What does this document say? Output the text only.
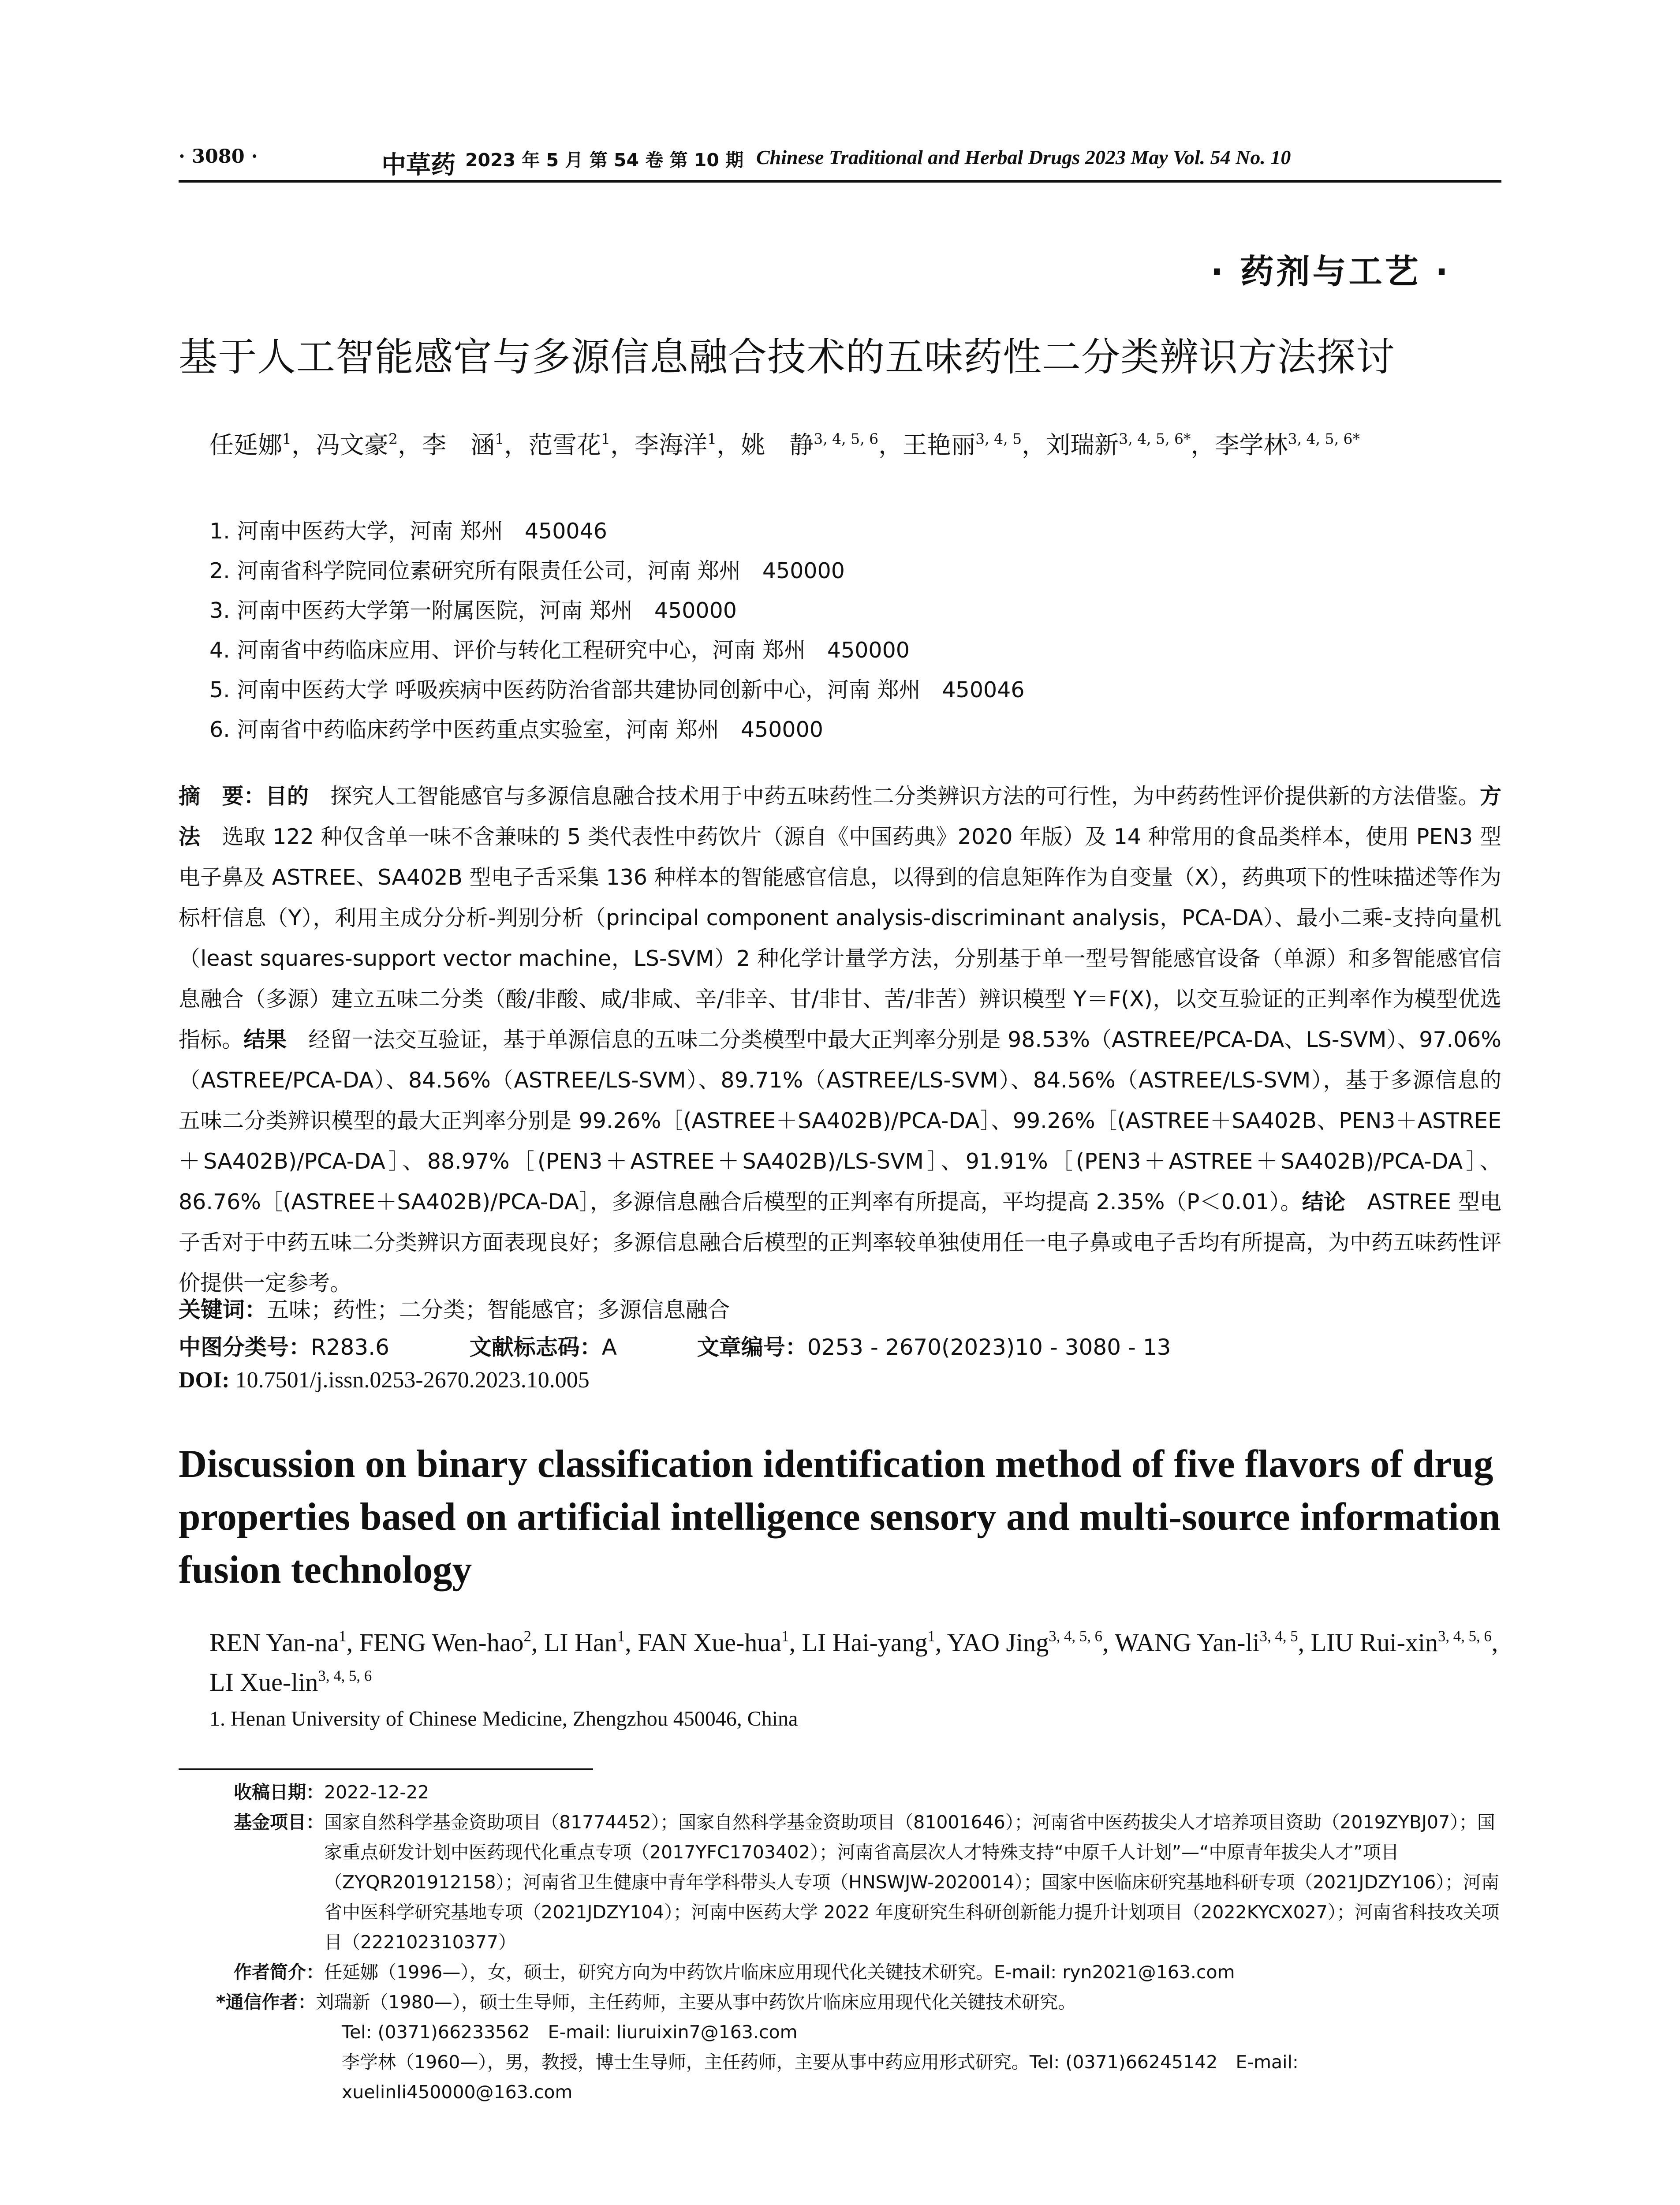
· 3080 ·	中草药 2023 年 5 月 第 54 卷 第 10 期 Chinese Traditional and Herbal Drugs 2023 May Vol. 54 No. 10
· 药剂与工艺 ·
基于人工智能感官与多源信息融合技术的五味药性二分类辨识方法探讨
任延娜$^1$，冯文豪$^2$，李　涵$^1$，范雪花$^1$，李海洋$^1$，姚　静$^{3, 4, 5, 6}$，王艳丽$^{3, 4, 5}$，刘瑞新$^{3, 4, 5, 6*}$，李学林$^{3, 4, 5, 6*}$
1. 河南中医药大学，河南 郑州　450046
2. 河南省科学院同位素研究所有限责任公司，河南 郑州　450000
3. 河南中医药大学第一附属医院，河南 郑州　450000
4. 河南省中药临床应用、评价与转化工程研究中心，河南 郑州　450000
5. 河南中医药大学 呼吸疾病中医药防治省部共建协同创新中心，河南 郑州　450046
6. 河南省中药临床药学中医药重点实验室，河南 郑州　450000
摘　要：目的　 探究人工智能感官与多源信息融合技术用于中药五味药性二分类辨识方法的可行性，为中药药性评价提供新的方法借鉴。方法　 选取 122 种仅含单一味不含兼味的 5 类代表性中药饮片（源自《中国药典》2020 年版）及 14 种常用的食品类样本，使用 PEN3 型电子鼻及 ASTREE、SA402B 型电子舌采集 136 种样本的智能感官信息，以得到的信息矩阵作为自变量（X），药典项下的性味描述等作为标杆信息（Y），利用主成分分析-判别分析（principal component analysis-discriminant analysis，PCA-DA）、最小二乘-支持向量机（least squares-support vector machine，LS-SVM）2 种化学计量学方法，分别基于单一型号智能感官设备（单源）和多智能感官信息融合（多源）建立五味二分类（酸/非酸、咸/非咸、辛/非辛、甘/非甘、苦/非苦）辨识模型 Y＝F(X)，以交互验证的正判率作为模型优选指标。结果　 经留一法交互验证，基于单源信息的五味二分类模型中最大正判率分别是 98.53%（ASTREE/PCA-DA、LS-SVM）、97.06%（ASTREE/PCA-DA）、84.56%（ASTREE/LS-SVM）、89.71%（ASTREE/LS-SVM）、84.56%（ASTREE/LS-SVM），基于多源信息的五味二分类辨识模型的最大正判率分别是 99.26%［(ASTREE＋SA402B)/PCA-DA］、99.26%［(ASTREE＋SA402B、PEN3＋ASTREE＋SA402B)/PCA-DA］、88.97%［(PEN3＋ASTREE＋SA402B)/LS-SVM］、91.91%［(PEN3＋ASTREE＋SA402B)/PCA-DA］、86.76%［(ASTREE＋SA402B)/PCA-DA］，多源信息融合后模型的正判率有所提高，平均提高 2.35%（P＜0.01）。结论　 ASTREE 型电子舌对于中药五味二分类辨识方面表现良好；多源信息融合后模型的正判率较单独使用任一电子鼻或电子舌均有所提高，为中药五味药性评价提供一定参考。
关键词：五味；药性；二分类；智能感官；多源信息融合
中图分类号：R283.6	文献标志码：A	文章编号：0253 - 2670(2023)10 - 3080 - 13
DOI: 10.7501/j.issn.0253-2670.2023.10.005
Discussion on binary classification identification method of five flavors of drug properties based on artificial intelligence sensory and multi-source information fusion technology
REN Yan-$na^1$, FENG Wen-hao$^2$, LI Han$^1$, FAN Xue-hua$^1$, LI Hai-yang$^1$, YAO Jing$^{3, 4, 5, 6}$, WANG Yan-li$^{3, 4, 5}$, LIU Rui-xin$^{3, 4, 5, 6}$, LI Xue-lin$^{3, 4, 5, 6}$
1. Henan University of Chinese Medicine, Zhengzhou 450046, China
收稿日期：2022-12-22
基金项目： 国家自然科学基金资助项目（81774452）；国家自然科学基金资助项目（81001646）；河南省中医药拔尖人才培养项目资助（2019ZYBJ07）；国家重点研发计划中医药现代化重点专项（2017YFC1703402）；河南省高层次人才特殊支持“中原千人计划”—“中原青年拔尖人才”项目（ZYQR201912158）；河南省卫生健康中青年学科带头人专项（HNSWJW-2020014）；国家中医临床研究基地科研专项（2021JDZY106）；河南省中医科学研究基地专项（2021JDZY104）；河南中医药大学 2022 年度研究生科研创新能力提升计划项目（2022KYCX027）；河南省科技攻关项目（222102310377）
作者简介：任延娜（1996—），女，硕士，研究方向为中药饮片临床应用现代化关键技术研究。E-mail: ryn2021@163.com
*通信作者：刘瑞新（1980—），硕士生导师，主任药师，主要从事中药饮片临床应用现代化关键技术研究。
Tel: (0371)66233562　E-mail: liuruixin7@163.com
李学林（1960—），男，教授，博士生导师，主任药师，主要从事中药应用形式研究。Tel: (0371)66245142　E-mail: xuelinli450000@163.com
